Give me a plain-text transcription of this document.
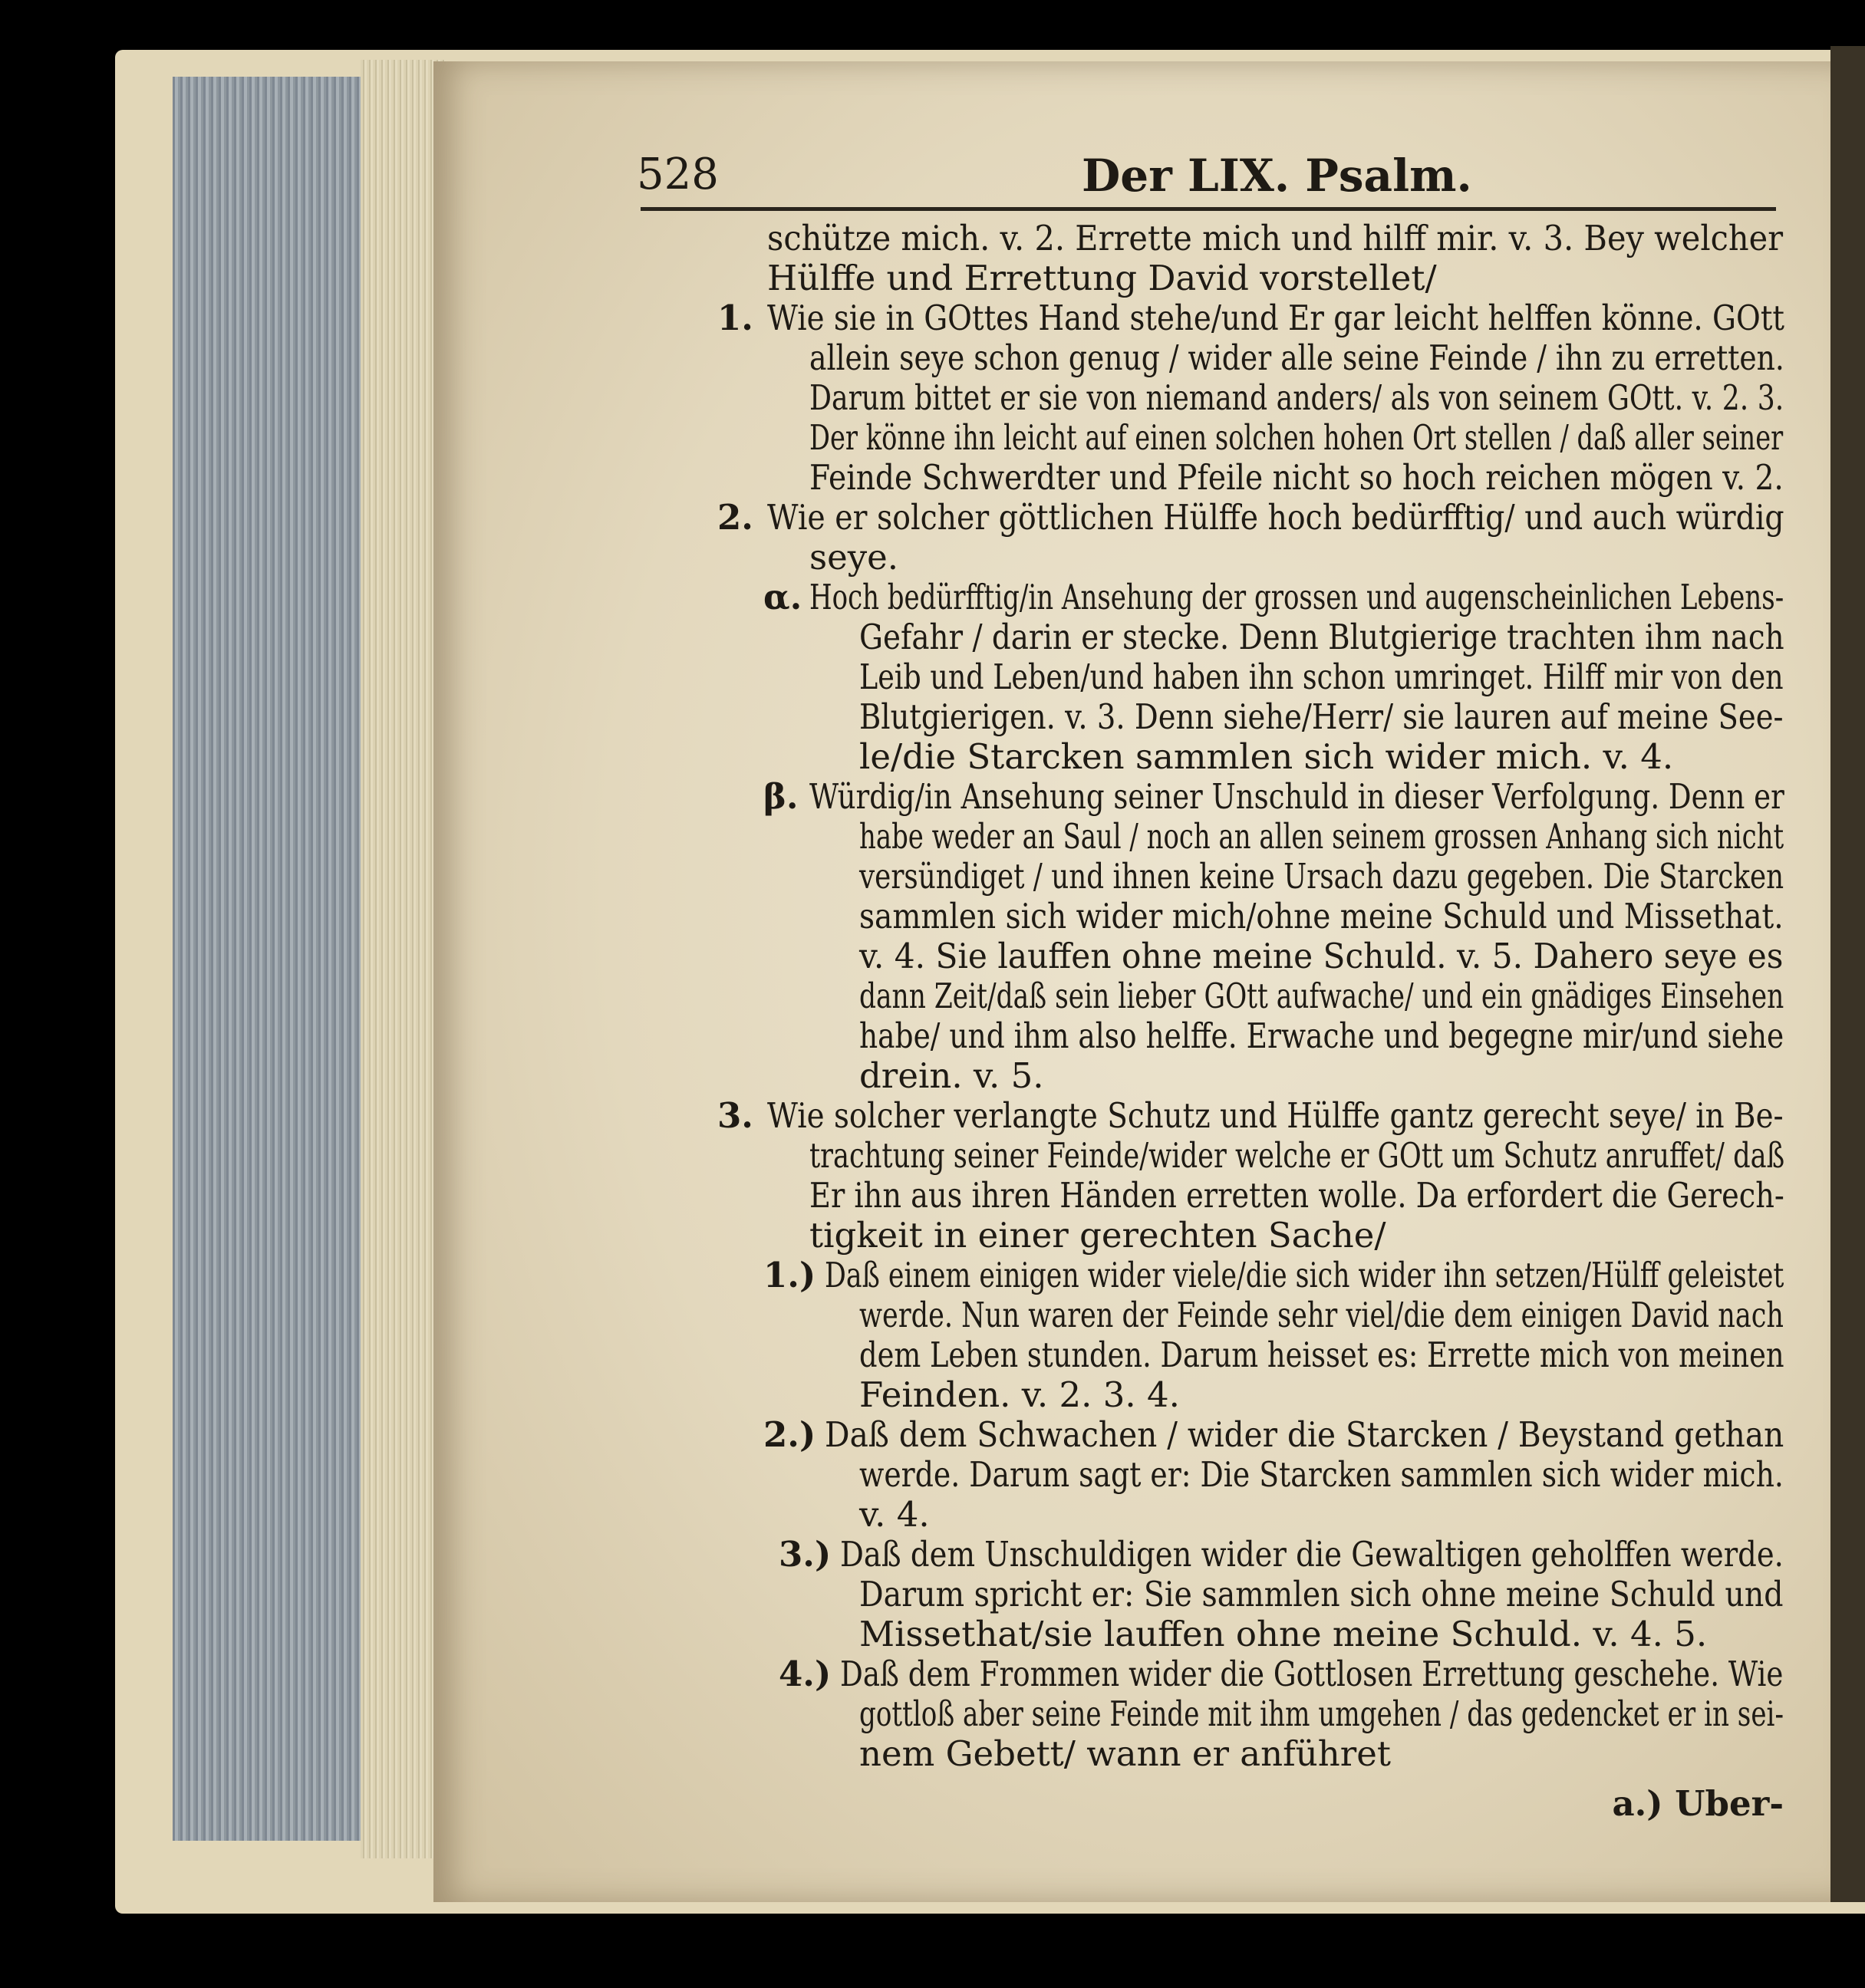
528	Der LIX. Psalm.
schütze mich. v. 2. Errette mich und hilff mir. v. 3. Bey welcher
Hülffe und Errettung David vorstellet/
1. Wie sie in GOttes Hand stehe/und Er gar leicht helffen könne. GOtt
allein seye schon genug / wider alle seine Feinde / ihn zu erretten.
Darum bittet er sie von niemand anders/ als von seinem GOtt. v. 2. 3.
Der könne ihn leicht auf einen solchen hohen Ort stellen / daß aller seiner
Feinde Schwerdter und Pfeile nicht so hoch reichen mögen v. 2.
2. Wie er solcher göttlichen Hülffe hoch bedürfftig/ und auch würdig
seye.
α. Hoch bedürfftig/in Ansehung der grossen und augenscheinlichen Lebens-
Gefahr / darin er stecke. Denn Blutgierige trachten ihm nach
Leib und Leben/und haben ihn schon umringet. Hilff mir von den
Blutgierigen. v. 3. Denn siehe/Herr/ sie lauren auf meine See-
le/die Starcken sammlen sich wider mich. v. 4.
β. Würdig/in Ansehung seiner Unschuld in dieser Verfolgung. Denn er
habe weder an Saul / noch an allen seinem grossen Anhang sich nicht
versündiget / und ihnen keine Ursach dazu gegeben. Die Starcken
sammlen sich wider mich/ohne meine Schuld und Missethat.
v. 4. Sie lauffen ohne meine Schuld. v. 5. Dahero seye es
dann Zeit/daß sein lieber GOtt aufwache/ und ein gnädiges Einsehen
habe/ und ihm also helffe. Erwache und begegne mir/und siehe
drein. v. 5.
3. Wie solcher verlangte Schutz und Hülffe gantz gerecht seye/ in Be-
trachtung seiner Feinde/wider welche er GOtt um Schutz anruffet/ daß
Er ihn aus ihren Händen erretten wolle. Da erfordert die Gerech-
tigkeit in einer gerechten Sache/
1.) Daß einem einigen wider viele/die sich wider ihn setzen/Hülff geleistet
werde. Nun waren der Feinde sehr viel/die dem einigen David nach
dem Leben stunden. Darum heisset es: Errette mich von meinen
Feinden. v. 2. 3. 4.
2.) Daß dem Schwachen / wider die Starcken / Beystand gethan
werde. Darum sagt er: Die Starcken sammlen sich wider mich.
v. 4.
3.) Daß dem Unschuldigen wider die Gewaltigen geholffen werde.
Darum spricht er: Sie sammlen sich ohne meine Schuld und
Missethat/sie lauffen ohne meine Schuld. v. 4. 5.
4.) Daß dem Frommen wider die Gottlosen Errettung geschehe. Wie
gottloß aber seine Feinde mit ihm umgehen / das gedencket er in sei-
nem Gebett/ wann er anführet
a.) Uber-
